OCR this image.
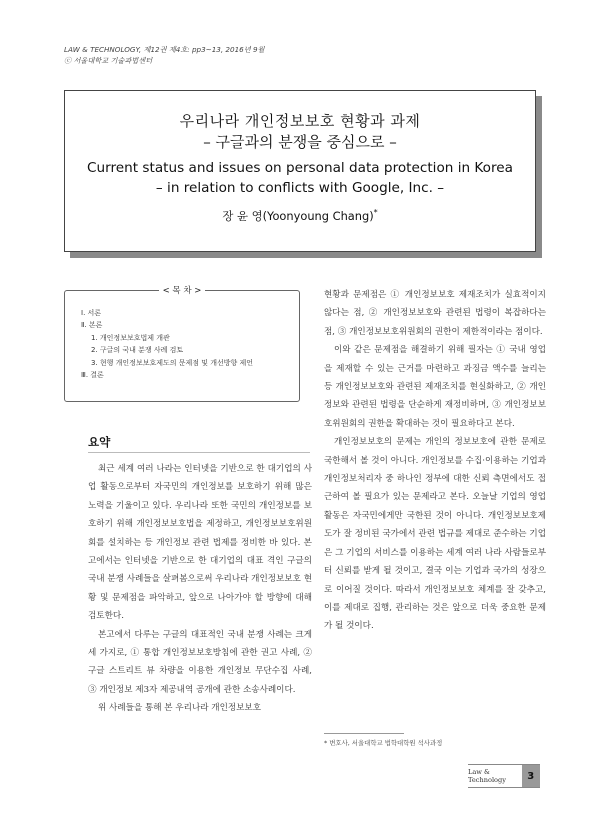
LAW & TECHNOLOGY, 제12권 제4호: pp3~13, 2016년 9월
ⓒ 서울대학교 기술과법센터
우리나라 개인정보보호 현황과 과제
– 구글과의 분쟁을 중심으로 –
Current status and issues on personal data protection in Korea
– in relation to conflicts with Google, Inc. –
장 윤 영(Yoonyoung Chang)*
< 목 차 >
Ⅰ. 서론
Ⅱ. 본론
1. 개인정보보호법제 개관
2. 구글의 국내 분쟁 사례 검토
3. 현행 개인정보보호제도의 문제점 및 개선방향 제언
Ⅲ. 결론
요약

최근 세계 여러 나라는 인터넷을 기반으로 한 대기업의 사업 활동으로부터 자국민의 개인정보를 보호하기 위해 많은 노력을 기울이고 있다. 우리나라 또한 국민의 개인정보를 보호하기 위해 개인정보보호법을 제정하고, 개인정보보호위원회를 설치하는 등 개인정보 관련 법제를 정비한 바 있다. 본고에서는 인터넷을 기반으로 한 대기업의 대표 격인 구글의 국내 분쟁 사례들을 살펴봄으로써 우리나라 개인정보보호 현황 및 문제점을 파악하고, 앞으로 나아가야 할 방향에 대해 검토한다.

본고에서 다루는 구글의 대표적인 국내 분쟁 사례는 크게 세 가지로, ① 통합 개인정보보호방침에 관한 권고 사례, ② 구글 스트리트 뷰 차량을 이용한 개인정보 무단수집 사례, ③ 개인정보 제3자 제공내역 공개에 관한 소송사례이다.

위 사례들을 통해 본 우리나라 개인정보보호

현황과 문제점은 ① 개인정보보호 제재조치가 실효적이지 않다는 점, ② 개인정보보호와 관련된 법령이 복잡하다는 점, ③ 개인정보보호위원회의 권한이 제한적이라는 점이다.

이와 같은 문제점을 해결하기 위해 필자는 ① 국내 영업을 제재할 수 있는 근거를 마련하고 과징금 액수를 늘리는 등 개인정보보호와 관련된 제재조치를 현실화하고, ② 개인정보와 관련된 법령을 단순하게 재정비하며, ③ 개인정보보호위원회의 권한을 확대하는 것이 필요하다고 본다.

개인정보보호의 문제는 개인의 정보보호에 관한 문제로 국한해서 볼 것이 아니다. 개인정보를 수집·이용하는 기업과 개인정보처리자 중 하나인 정부에 대한 신뢰 측면에서도 접근하여 볼 필요가 있는 문제라고 본다. 오늘날 기업의 영업활동은 자국민에게만 국한된 것이 아니다. 개인정보보호제도가 잘 정비된 국가에서 관련 법규를 제대로 준수하는 기업은 그 기업의 서비스를 이용하는 세계 여러 나라 사람들로부터 신뢰를 받게 될 것이고, 결국 이는 기업과 국가의 성장으로 이어질 것이다. 따라서 개인정보보호 체계를 잘 갖추고, 이를 제대로 집행, 관리하는 것은 앞으로 더욱 중요한 문제가 될 것이다.

* 변호사, 서울대학교 법학대학원 석사과정
Law & Technology	3
